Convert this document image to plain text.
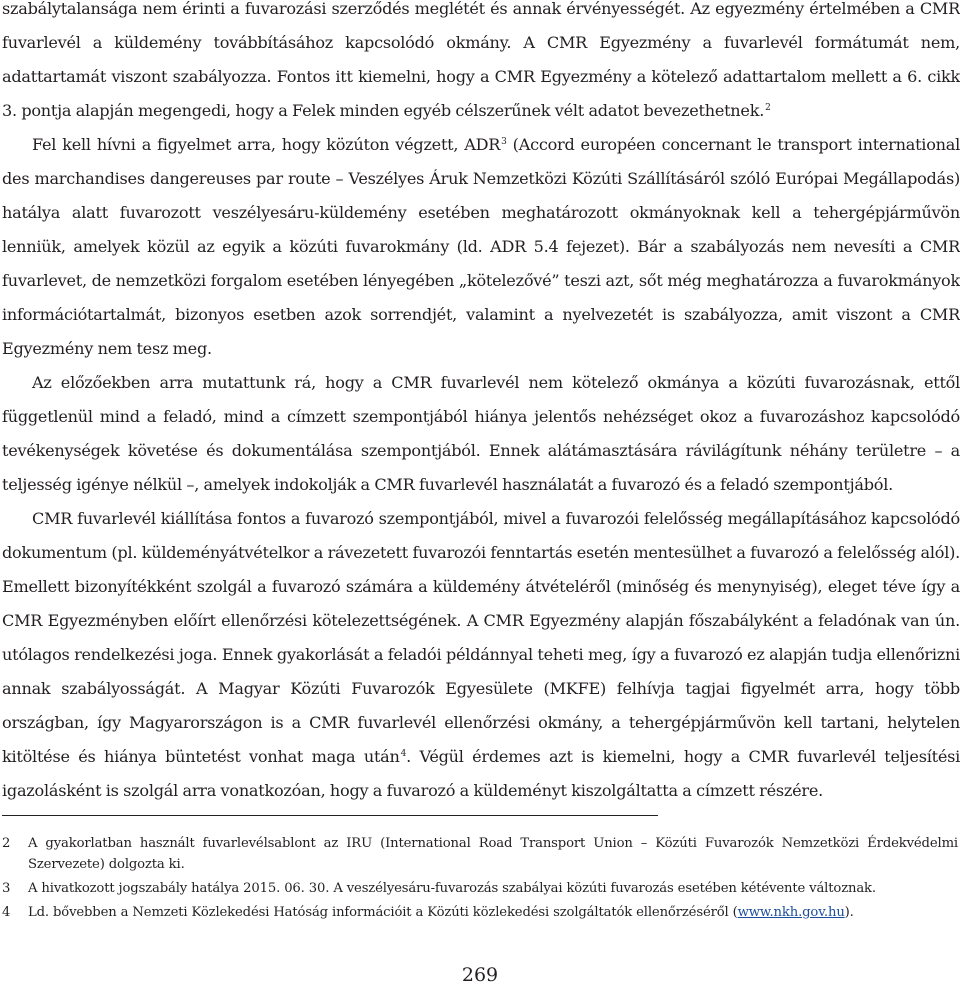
szabálytalansága nem érinti a fuvarozási szerződés meglétét és annak érvényességét. Az egyezmény értelmében a CMR fuvarlevél a küldemény továbbításához kapcsolódó okmány. A CMR Egyezmény a fuvarlevél formátumát nem, adattartamát viszont szabályozza. Fontos itt kiemelni, hogy a CMR Egyezmény a kötelező adattartalom mellett a 6. cikk 3. pontja alapján megengedi, hogy a Felek minden egyéb célszerűnek vélt adatot bevezethetnek.$^2$

Fel kell hívni a figyelmet arra, hogy közúton végzett, ADR$^3$ (Accord européen concernant le transport international des marchandises dangereuses par route – Veszélyes Áruk Nemzetközi Közúti Szállításáról szóló Európai Megállapodás) hatálya alatt fuvarozott veszélyesáru-küldemény esetében meghatározott okmányoknak kell a tehergépjárművön lenniük, amelyek közül az egyik a közúti fuvarokmány (ld. ADR 5.4 fejezet). Bár a szabályozás nem nevesíti a CMR fuvarlevet, de nemzetközi forgalom esetében lényegében „kötelezővé” teszi azt, sőt még meghatározza a fuvarokmányok információtartalmát, bizonyos esetben azok sorrendjét, valamint a nyelvezetét is szabályozza, amit viszont a CMR Egyezmény nem tesz meg.

Az előzőekben arra mutattunk rá, hogy a CMR fuvarlevél nem kötelező okmánya a közúti fuvarozásnak, ettől függetlenül mind a feladó, mind a címzett szempontjából hiánya jelentős nehézséget okoz a fuvarozáshoz kapcsolódó tevékenységek követése és dokumentálása szempontjából. Ennek alátámasztására rávilágítunk néhány területre – a teljesség igénye nélkül –, amelyek indokolják a CMR fuvarlevél használatát a fuvarozó és a feladó szempontjából.

CMR fuvarlevél kiállítása fontos a fuvarozó szempontjából, mivel a fuvarozói felelősség megállapításához kapcsolódó dokumentum (pl. küldeményátvételkor a rávezetett fuvarozói fenntartás esetén mentesülhet a fuvarozó a felelősség alól). Emellett bizonyítékként szolgál a fuvarozó számára a küldemény átvételéről (minőség és menynyiség), eleget téve így a CMR Egyezményben előírt ellenőrzési kötelezettségének. A CMR Egyezmény alapján főszabályként a feladónak van ún. utólagos rendelkezési joga. Ennek gyakorlását a feladói példánnyal teheti meg, így a fuvarozó ez alapján tudja ellenőrizni annak szabályosságát. A Magyar Közúti Fuvarozók Egyesülete (MKFE) felhívja tagjai figyelmét arra, hogy több országban, így Magyarországon is a CMR fuvarlevél ellenőrzési okmány, a tehergépjárművön kell tartani, helytelen kitöltése és hiánya büntetést vonhat maga után$^4$. Végül érdemes azt is kiemelni, hogy a CMR fuvarlevél teljesítési igazolásként is szolgál arra vonatkozóan, hogy a fuvarozó a küldeményt kiszolgáltatta a címzett részére.

2	A gyakorlatban használt fuvarlevélsablont az IRU (International Road Transport Union – Közúti Fuvarozók Nemzetközi Érdekvédelmi Szervezete) dolgozta ki.
3	A hivatkozott jogszabály hatálya 2015. 06. 30. A veszélyesáru-fuvarozás szabályai közúti fuvarozás esetében kétévente változnak.
4	Ld. bővebben a Nemzeti Közlekedési Hatóság információit a Közúti közlekedési szolgáltatók ellenőrzéséről (www.nkh.gov.hu).
269
